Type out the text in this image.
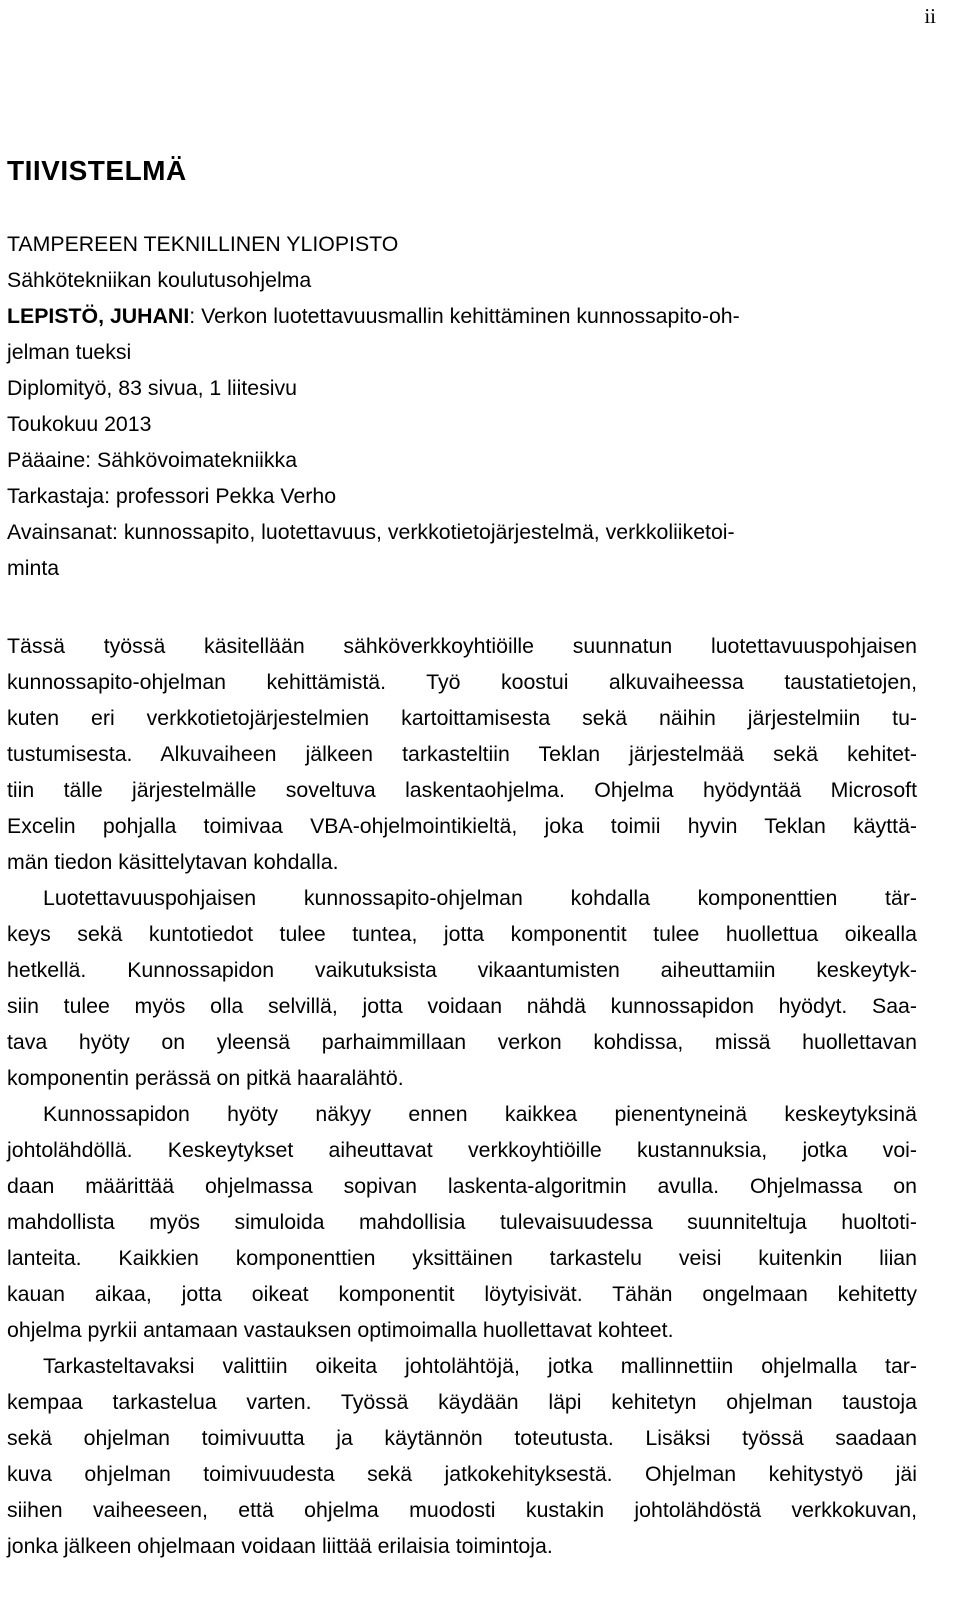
ii
TIIVISTELMÄ
TAMPEREEN TEKNILLINEN YLIOPISTO
Sähkötekniikan koulutusohjelma
LEPISTÖ, JUHANI: Verkon luotettavuusmallin kehittäminen kunnossapito-oh-
jelman tueksi
Diplomityö, 83 sivua, 1 liitesivu
Toukokuu 2013
Pääaine: Sähkövoimatekniikka
Tarkastaja: professori Pekka Verho
Avainsanat: kunnossapito, luotettavuus, verkkotietojärjestelmä, verkkoliiketoi-
minta

Tässä työssä käsitellään sähköverkkoyhtiöille suunnatun luotettavuuspohjaisen
kunnossapito-ohjelman kehittämistä. Työ koostui alkuvaiheessa taustatietojen,
kuten eri verkkotietojärjestelmien kartoittamisesta sekä näihin järjestelmiin tu-
tustumisesta. Alkuvaiheen jälkeen tarkasteltiin Teklan järjestelmää sekä kehitet-
tiin tälle järjestelmälle soveltuva laskentaohjelma. Ohjelma hyödyntää Microsoft
Excelin pohjalla toimivaa VBA-ohjelmointikieltä, joka toimii hyvin Teklan käyttä-
män tiedon käsittelytavan kohdalla.

Luotettavuuspohjaisen kunnossapito-ohjelman kohdalla komponenttien tär-
keys sekä kuntotiedot tulee tuntea, jotta komponentit tulee huollettua oikealla
hetkellä. Kunnossapidon vaikutuksista vikaantumisten aiheuttamiin keskeytyk-
siin tulee myös olla selvillä, jotta voidaan nähdä kunnossapidon hyödyt. Saa-
tava hyöty on yleensä parhaimmillaan verkon kohdissa, missä huollettavan
komponentin perässä on pitkä haaralähtö.

Kunnossapidon hyöty näkyy ennen kaikkea pienentyneinä keskeytyksinä
johtolähdöllä. Keskeytykset aiheuttavat verkkoyhtiöille kustannuksia, jotka voi-
daan määrittää ohjelmassa sopivan laskenta-algoritmin avulla. Ohjelmassa on
mahdollista myös simuloida mahdollisia tulevaisuudessa suunniteltuja huoltoti-
lanteita. Kaikkien komponenttien yksittäinen tarkastelu veisi kuitenkin liian
kauan aikaa, jotta oikeat komponentit löytyisivät. Tähän ongelmaan kehitetty
ohjelma pyrkii antamaan vastauksen optimoimalla huollettavat kohteet.

Tarkasteltavaksi valittiin oikeita johtolähtöjä, jotka mallinnettiin ohjelmalla tar-
kempaa tarkastelua varten. Työssä käydään läpi kehitetyn ohjelman taustoja
sekä ohjelman toimivuutta ja käytännön toteutusta. Lisäksi työssä saadaan
kuva ohjelman toimivuudesta sekä jatkokehityksestä. Ohjelman kehitystyö jäi
siihen vaiheeseen, että ohjelma muodosti kustakin johtolähdöstä verkkokuvan,
jonka jälkeen ohjelmaan voidaan liittää erilaisia toimintoja.
